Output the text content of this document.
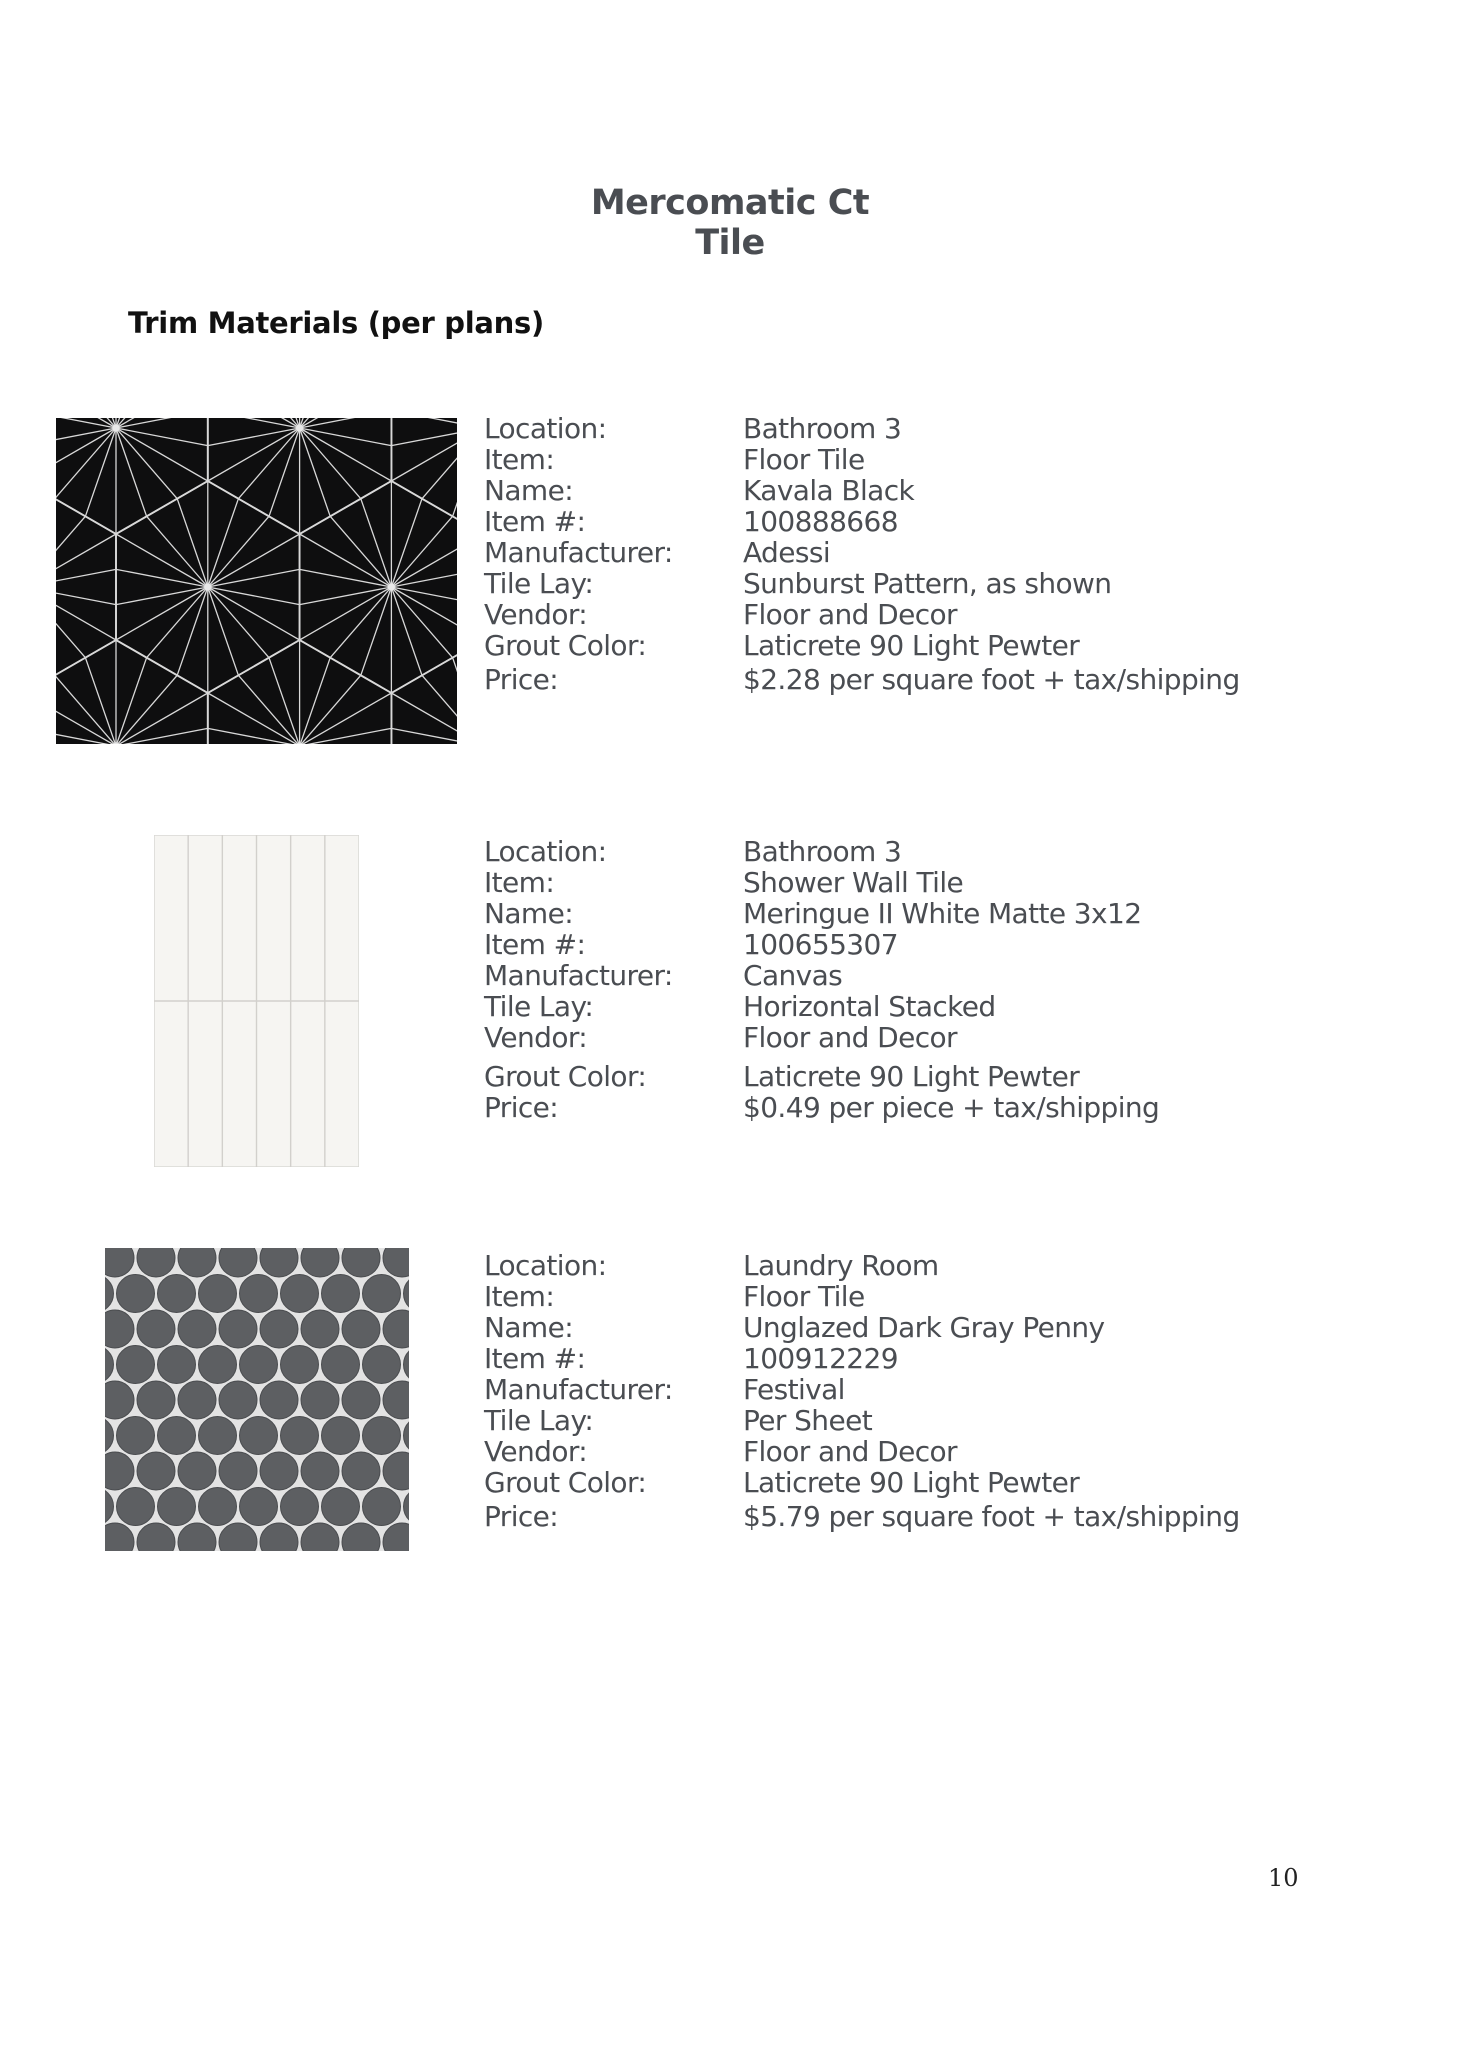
Mercomatic Ct
Tile
Trim Materials (per plans)
Location:	Bathroom 3
Item:	Floor Tile
Name:	Kavala Black
Item #:	100888668
Manufacturer:	Adessi
Tile Lay:	Sunburst Pattern, as shown
Vendor:	Floor and Decor
Grout Color:	Laticrete 90 Light Pewter
Price:	$2.28 per square foot + tax/shipping
Location:	Bathroom 3
Item:	Shower Wall Tile
Name:	Meringue II White Matte 3x12
Item #:	100655307
Manufacturer:	Canvas
Tile Lay:	Horizontal Stacked
Vendor:	Floor and Decor
Grout Color:	Laticrete 90 Light Pewter
Price:	$0.49 per piece + tax/shipping
Location:	Laundry Room
Item:	Floor Tile
Name:	Unglazed Dark Gray Penny
Item #:	100912229
Manufacturer:	Festival
Tile Lay:	Per Sheet
Vendor:	Floor and Decor
Grout Color:	Laticrete 90 Light Pewter
Price:	$5.79 per square foot + tax/shipping
10
